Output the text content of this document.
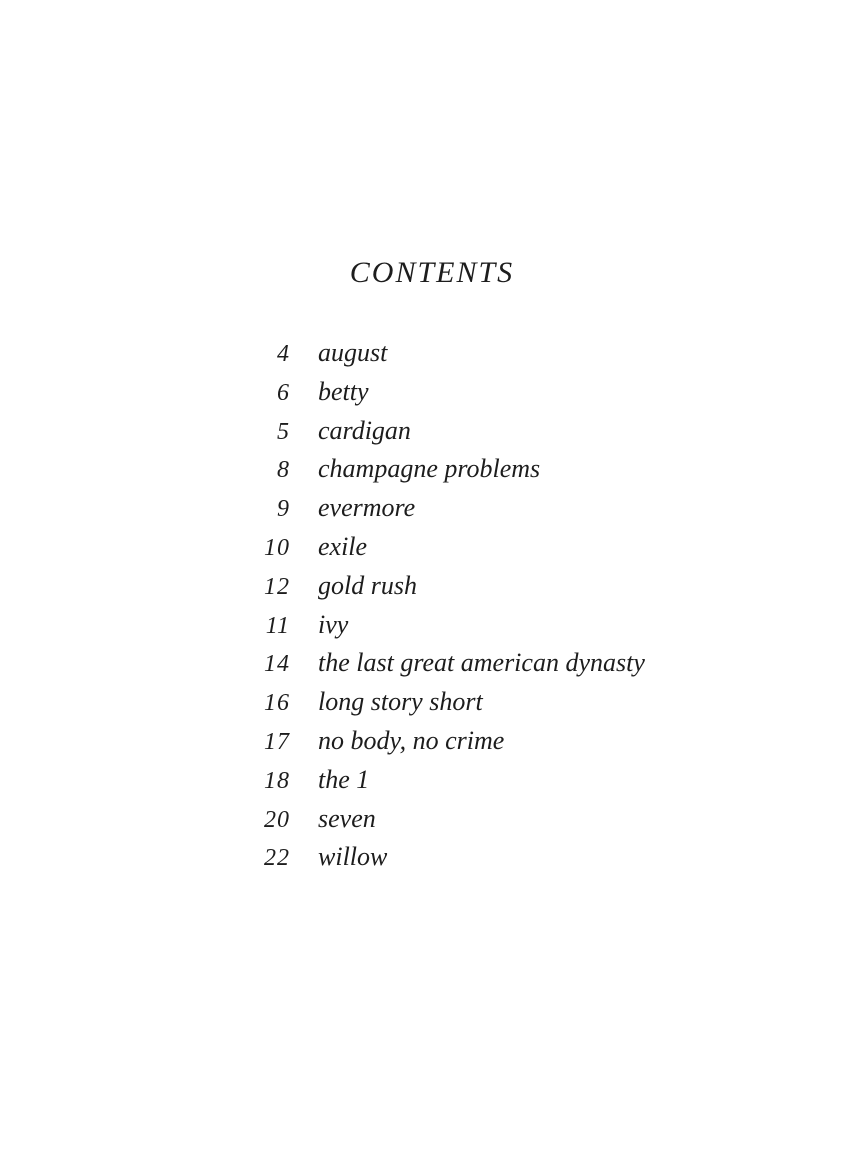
CONTENTS
4 august
6 betty
5 cardigan
8 champagne problems
9 evermore
10 exile
12 gold rush
11 ivy
14 the last great american dynasty
16 long story short
17 no body, no crime
18 the 1
20 seven
22 willow
